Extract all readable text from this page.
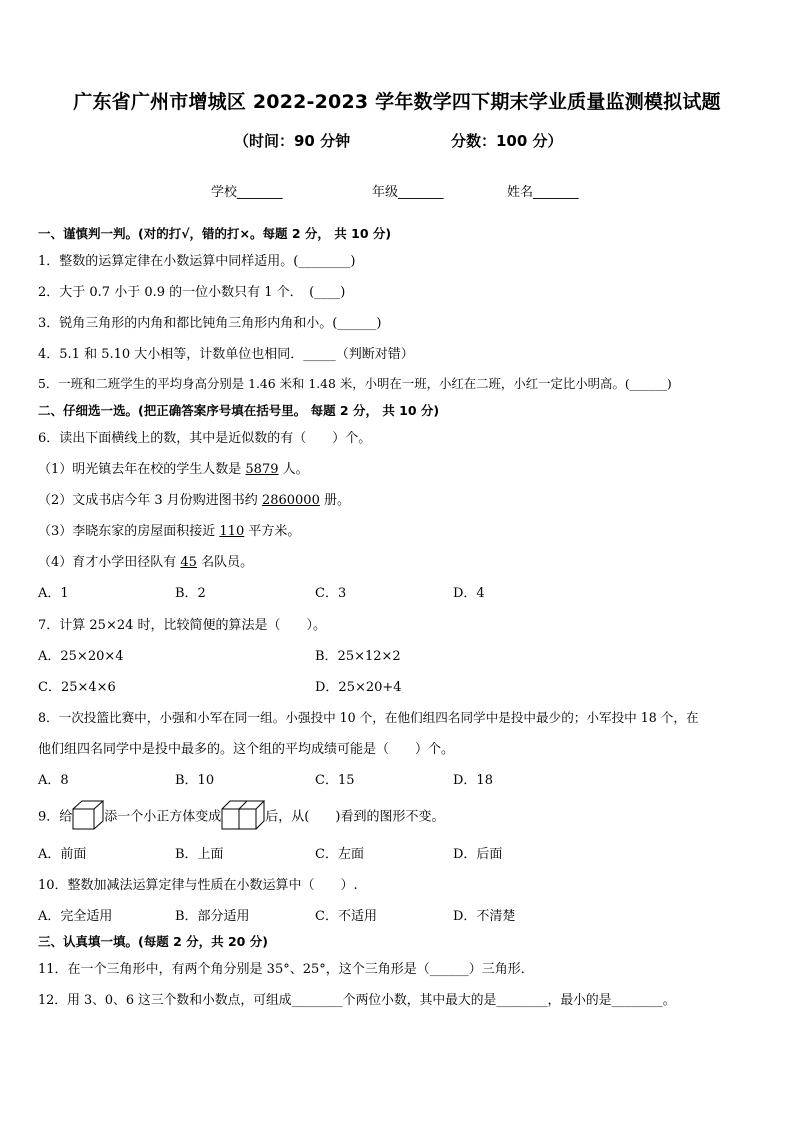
广东省广州市增城区 2022-2023 学年数学四下期末学业质量监测模拟试题
（时间：90 分钟	分数：100 分）
学校_______	年级_______	姓名_______
一、谨慎判一判。(对的打√，错的打×。每题 2 分， 共 10 分)
1．整数的运算定律在小数运算中同样适用。(________)
2．大于 0.7 小于 0.9 的一位小数只有 1 个．　(____)
3．锐角三角形的内角和都比钝角三角形内角和小。(______)
4．5.1 和 5.10 大小相等，计数单位也相同．_____（判断对错）
5．一班和二班学生的平均身高分别是 1.46 米和 1.48 米，小明在一班，小红在二班，小红一定比小明高。(______)
二、仔细选一选。(把正确答案序号填在括号里。 每题 2 分， 共 10 分)
6．读出下面横线上的数，其中是近似数的有（　　）个。
（1）明光镇去年在校的学生人数是 5879 人。
（2）文成书店今年 3 月份购进图书约 2860000 册。
（3）李晓东家的房屋面积接近 110 平方米。
（4）育才小学田径队有 45 名队员。
A．1	B．2	C．3	D．4
7．计算 25×24 时，比较简便的算法是（　　）。
A．25×20×4	B．25×12×2
C．25×4×6	D．25×20+4
8．一次投篮比赛中，小强和小军在同一组。小强投中 10 个，在他们组四名同学中是投中最少的；小军投中 18 个，在
他们组四名同学中是投中最多的。这个组的平均成绩可能是（　　）个。
A．8	B．10	C．15	D．18
9．给 添一个小正方体变成	后，从(　　)看到的图形不变。
A．前面	B．上面	C．左面	D．后面
10．整数加减法运算定律与性质在小数运算中（　　）.
A．完全适用	B．部分适用	C．不适用	D．不清楚
三、认真填一填。(每题 2 分，共 20 分)
11．在一个三角形中，有两个角分别是 35°、25°，这个三角形是（______）三角形．
12．用 3、0、6 这三个数和小数点，可组成________个两位小数，其中最大的是________，最小的是________。
